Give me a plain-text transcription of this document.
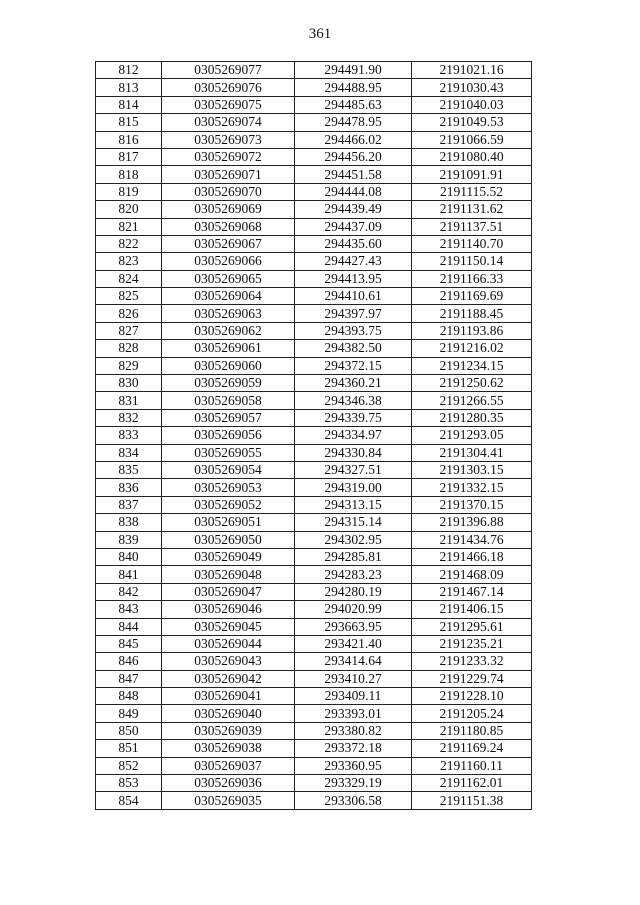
361
812	0305269077	294491.90	2191021.16
813	0305269076	294488.95	2191030.43
814	0305269075	294485.63	2191040.03
815	0305269074	294478.95	2191049.53
816	0305269073	294466.02	2191066.59
817	0305269072	294456.20	2191080.40
818	0305269071	294451.58	2191091.91
819	0305269070	294444.08	2191115.52
820	0305269069	294439.49	2191131.62
821	0305269068	294437.09	2191137.51
822	0305269067	294435.60	2191140.70
823	0305269066	294427.43	2191150.14
824	0305269065	294413.95	2191166.33
825	0305269064	294410.61	2191169.69
826	0305269063	294397.97	2191188.45
827	0305269062	294393.75	2191193.86
828	0305269061	294382.50	2191216.02
829	0305269060	294372.15	2191234.15
830	0305269059	294360.21	2191250.62
831	0305269058	294346.38	2191266.55
832	0305269057	294339.75	2191280.35
833	0305269056	294334.97	2191293.05
834	0305269055	294330.84	2191304.41
835	0305269054	294327.51	2191303.15
836	0305269053	294319.00	2191332.15
837	0305269052	294313.15	2191370.15
838	0305269051	294315.14	2191396.88
839	0305269050	294302.95	2191434.76
840	0305269049	294285.81	2191466.18
841	0305269048	294283.23	2191468.09
842	0305269047	294280.19	2191467.14
843	0305269046	294020.99	2191406.15
844	0305269045	293663.95	2191295.61
845	0305269044	293421.40	2191235.21
846	0305269043	293414.64	2191233.32
847	0305269042	293410.27	2191229.74
848	0305269041	293409.11	2191228.10
849	0305269040	293393.01	2191205.24
850	0305269039	293380.82	2191180.85
851	0305269038	293372.18	2191169.24
852	0305269037	293360.95	2191160.11
853	0305269036	293329.19	2191162.01
854	0305269035	293306.58	2191151.38
